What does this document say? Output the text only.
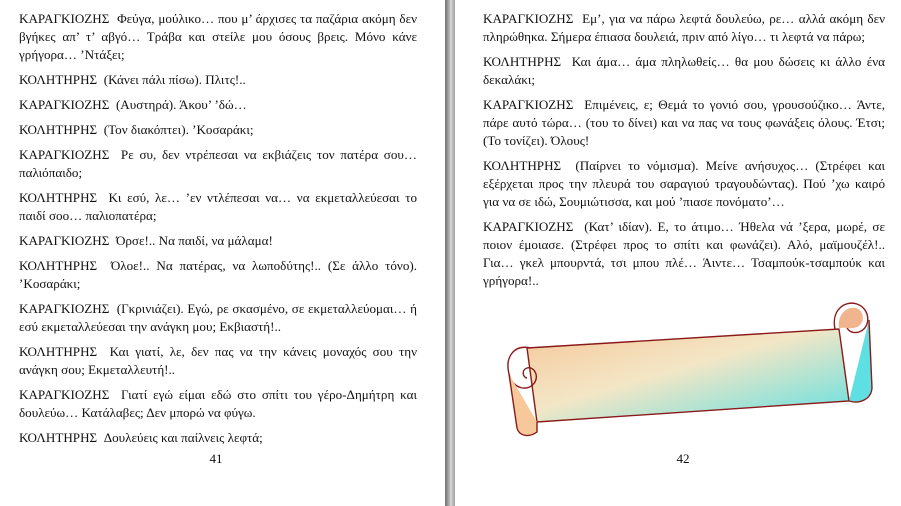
ΚΑΡΑΓΚΙΟΖΗΣ Φεύγα, μούλικο… που μ’ άρχισες τα παζάρια ακόμη δεν βγήκες απ’ τ’ αβγό… Τράβα και στείλε μου όσους βρεις. Μόνο κάνε γρήγορα… ’Ντάξει;

ΚΟΛΗΤΗΡΗΣ (Κάνει πάλι πίσω). Πλιτς!..

ΚΑΡΑΓΚΙΟΖΗΣ (Αυστηρά). Άκου’ ’δώ…

ΚΟΛΗΤΗΡΗΣ (Τον διακόπτει). ’Κοσαράκι;

ΚΑΡΑΓΚΙΟΖΗΣ Ρε συ, δεν ντρέπεσαι να εκβιάζεις τον πατέρα σου… παλιόπαιδο;

ΚΟΛΗΤΗΡΗΣ Κι εσύ, λε… ’εν ντλέπεσαι να… να εκμεταλλεύεσαι το παιδί σοο… παλιοπατέρα;

ΚΑΡΑΓΚΙΟΖΗΣ Όρσε!.. Να παιδί, να μάλαμα!

ΚΟΛΗΤΗΡΗΣ Όλοε!.. Να πατέρας, να λωποδύτης!.. (Σε άλλο τόνο). ’Κοσαράκι;

ΚΑΡΑΓΚΙΟΖΗΣ (Γκρινιάζει). Εγώ, ρε σκασμένο, σε εκμεταλλεύομαι… ή εσύ εκμεταλλεύεσαι την ανάγκη μου; Εκβιαστή!..

ΚΟΛΗΤΗΡΗΣ Και γιατί, λε, δεν πας να την κάνεις μοναχός σου την ανάγκη σου; Εκμεταλλευτή!..

ΚΑΡΑΓΚΙΟΖΗΣ Γιατί εγώ είμαι εδώ στο σπίτι του γέρο-Δημήτρη και δουλεύω… Κατάλαβες; Δεν μπορώ να φύγω.

ΚΟΛΗΤΗΡΗΣ Δουλεύεις και παίλνεις λεφτά;

41

ΚΑΡΑΓΚΙΟΖΗΣ Εμ’, για να πάρω λεφτά δουλεύω, ρε… αλλά ακόμη δεν πληρώθηκα. Σήμερα έπιασα δουλειά, πριν από λίγο… τι λεφτά να πάρω;

ΚΟΛΗΤΗΡΗΣ Και άμα… άμα πληλωθείς… θα μου δώσεις κι άλλο ένα δεκαλάκι;

ΚΑΡΑΓΚΙΟΖΗΣ Επιμένεις, ε; Θεμά το γονιό σου, γρουσούζικο… Άντε, πάρε αυτό τώρα… (του το δίνει) και να πας να τους φωνάξεις όλους. Έτσι; (Το τονίζει). Όλους!

ΚΟΛΗΤΗΡΗΣ (Παίρνει το νόμισμα). Μείνε ανήσυχος… (Στρέφει και εξέρχεται προς την πλευρά του σαραγιού τραγουδώντας). Πού ’χω καιρό για να σε ιδώ, Σουμιώτισσα, και μού ’πιασε πονόματο’…

ΚΑΡΑΓΚΙΟΖΗΣ (Κατ’ ιδίαν). Ε, το άτιμο… Ήθελα νά ’ξερα, μωρέ, σε ποιον έμοιασε. (Στρέφει προς το σπίτι και φωνάζει). Αλό, μαϊμουζέλ!.. Για… γκελ μπουρντά, τσι μπου πλέ… Άιντε… Τσαμπούκ-τσαμπούκ και γρήγορα!..

42
